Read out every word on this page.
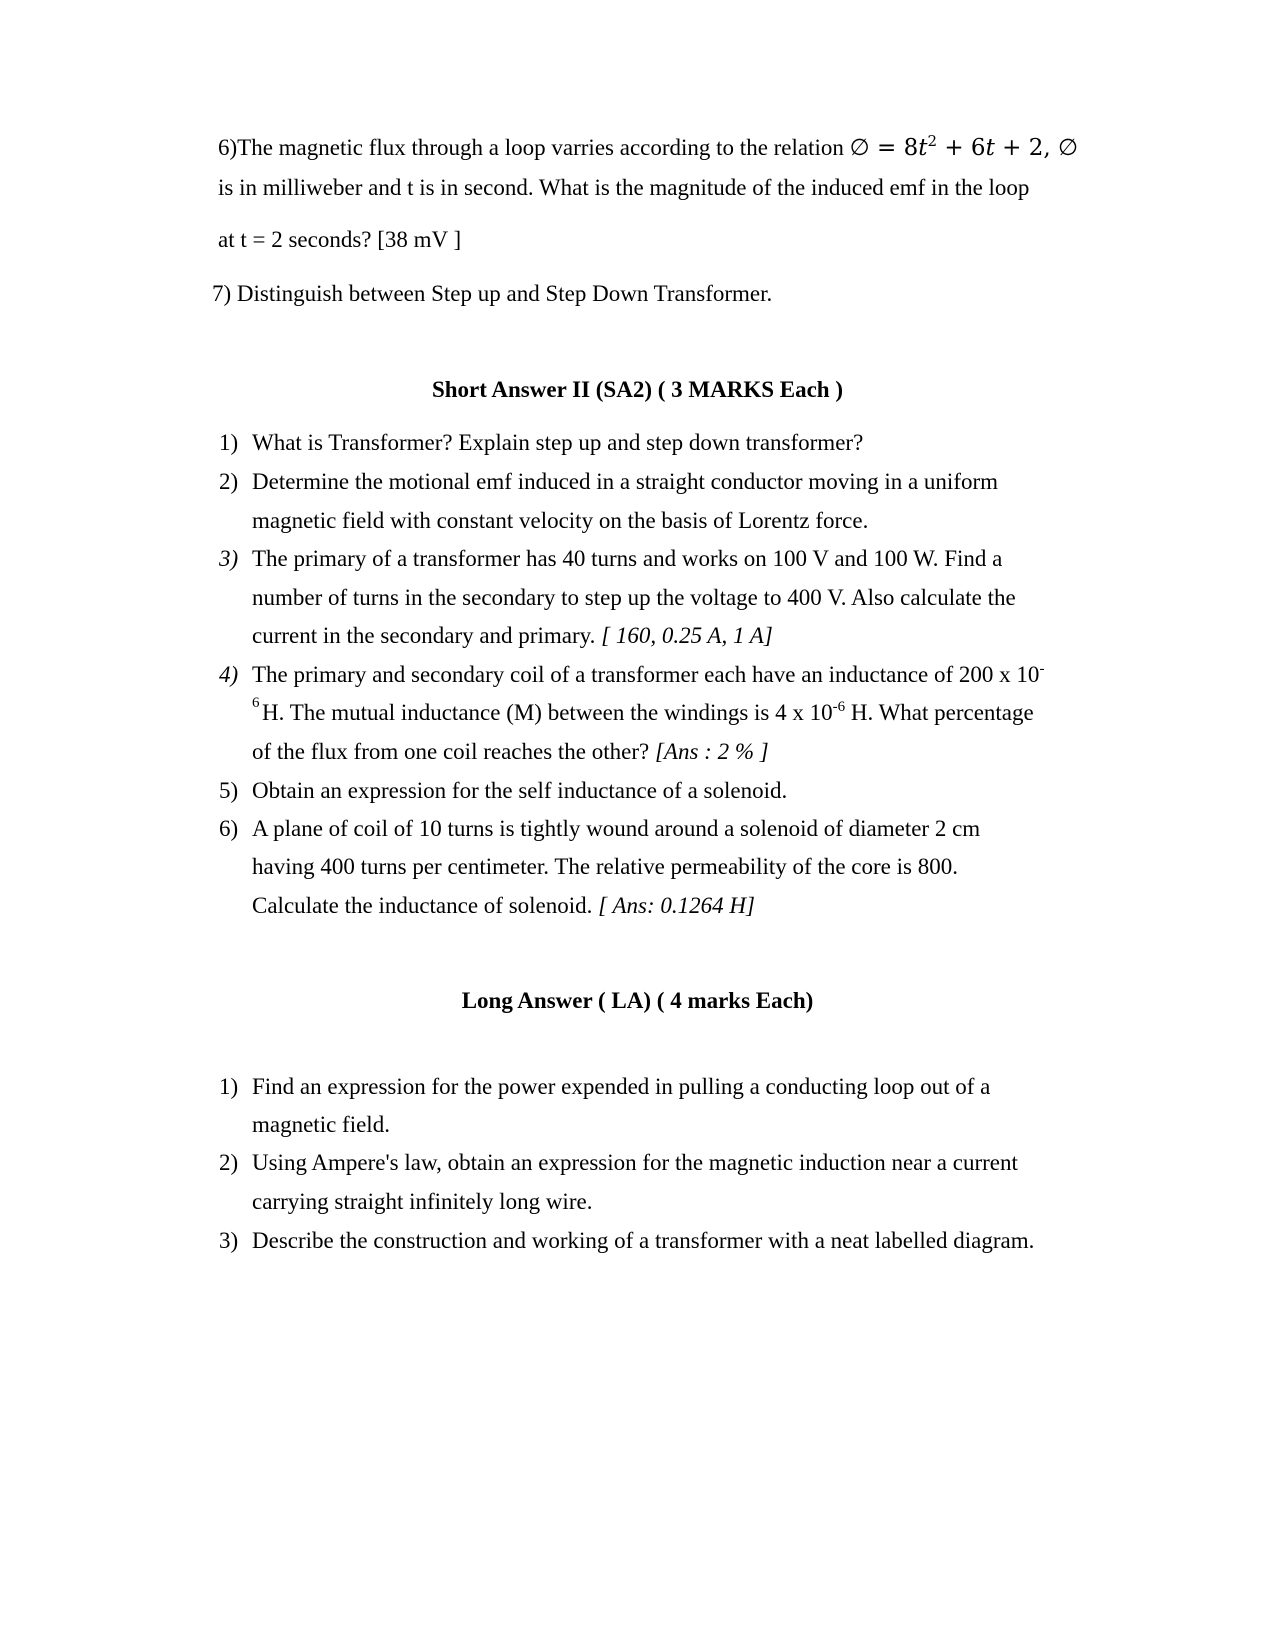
6)The magnetic flux through a loop varries according to the relation ∅ = $8t^2 + 6t + 2$, ∅
is in milliweber and t is in second. What is the magnitude of the induced emf in the loop
at t = 2 seconds? [38 mV ]
7) Distinguish between Step up and Step Down Transformer.
Short Answer II (SA2) ( 3 MARKS Each )
1) What is Transformer? Explain step up and step down transformer?
2) Determine the motional emf induced in a straight conductor moving in a uniform
magnetic field with constant velocity on the basis of Lorentz force.
3) The primary of a transformer has 40 turns and works on 100 V and 100 W. Find a
number of turns in the secondary to step up the voltage to 400 V. Also calculate the
current in the secondary and primary. [ 160, 0.25 A, 1 A]
4) The primary and secondary coil of a transformer each have an inductance of 200 x 10-
6 H. The mutual inductance (M) between the windings is 4 x $10^{-6}$ H. What percentage
of the flux from one coil reaches the other? [Ans : 2 % ]
5) Obtain an expression for the self inductance of a solenoid.
6) A plane of coil of 10 turns is tightly wound around a solenoid of diameter 2 cm
having 400 turns per centimeter. The relative permeability of the core is 800.
Calculate the inductance of solenoid. [ Ans: 0.1264 H]
Long Answer ( LA) ( 4 marks Each)
1) Find an expression for the power expended in pulling a conducting loop out of a
magnetic field.
2) Using Ampere's law, obtain an expression for the magnetic induction near a current
carrying straight infinitely long wire.
3) Describe the construction and working of a transformer with a neat labelled diagram.
